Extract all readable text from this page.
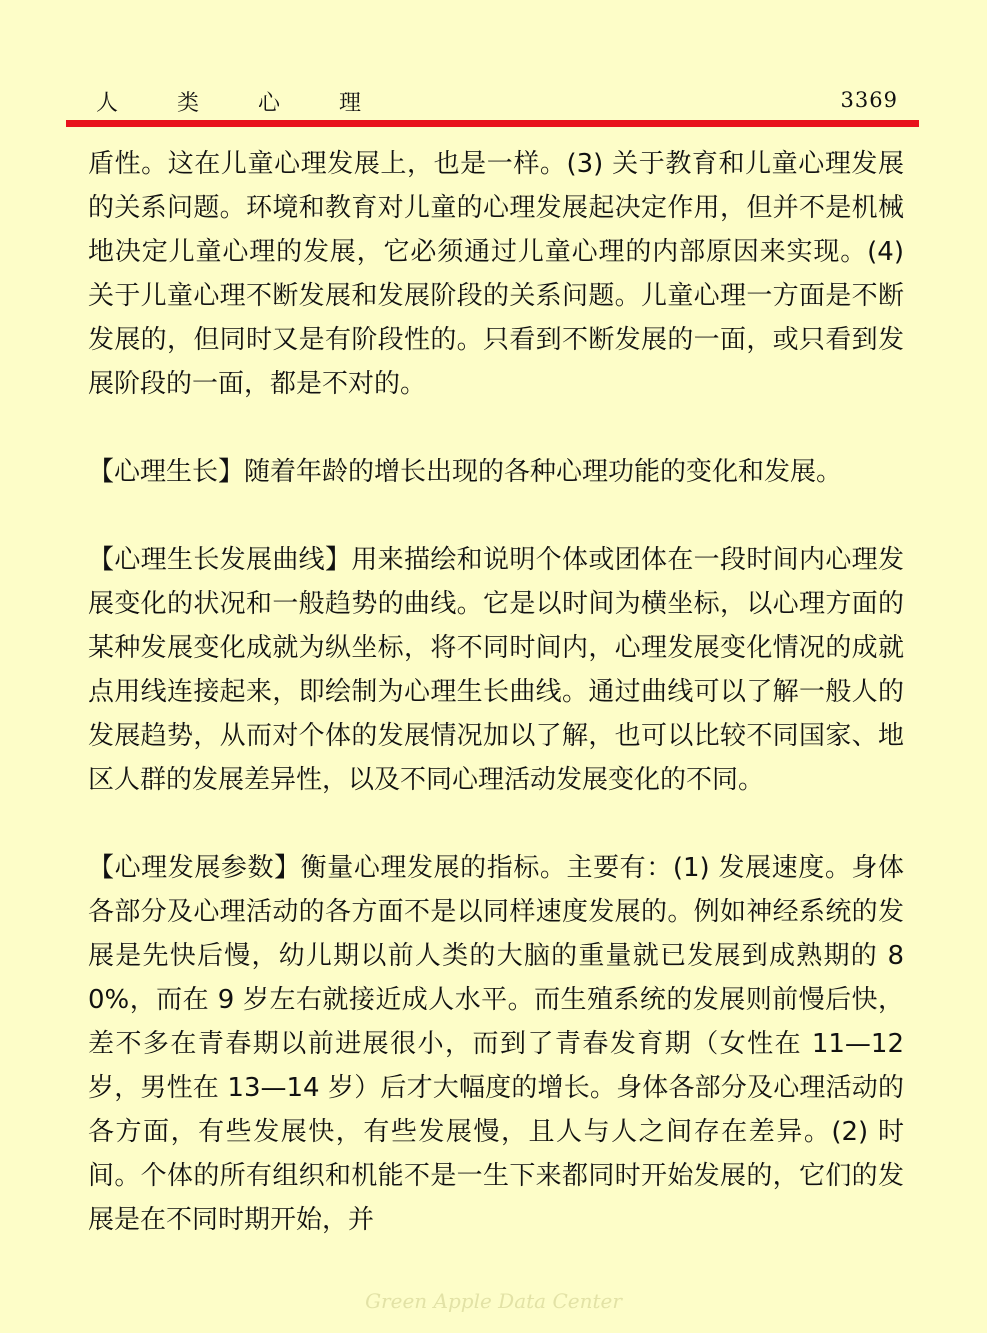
人 类 心 理	3369

盾性。这在儿童心理发展上，也是一样。(3) 关于教育和儿童心理发展的关系问题。环境和教育对儿童的心理发展起决定作用，但并不是机械地决定儿童心理的发展，它必须通过儿童心理的内部原因来实现。(4) 关于儿童心理不断发展和发展阶段的关系问题。儿童心理一方面是不断发展的，但同时又是有阶段性的。只看到不断发展的一面，或只看到发展阶段的一面，都是不对的。

【心理生长】随着年龄的增长出现的各种心理功能的变化和发展。

【心理生长发展曲线】用来描绘和说明个体或团体在一段时间内心理发展变化的状况和一般趋势的曲线。它是以时间为横坐标，以心理方面的某种发展变化成就为纵坐标，将不同时间内，心理发展变化情况的成就点用线连接起来，即绘制为心理生长曲线。通过曲线可以了解一般人的发展趋势，从而对个体的发展情况加以了解，也可以比较不同国家、地区人群的发展差异性，以及不同心理活动发展变化的不同。

【心理发展参数】衡量心理发展的指标。主要有：(1) 发展速度。身体各部分及心理活动的各方面不是以同样速度发展的。例如神经系统的发展是先快后慢，幼儿期以前人类的大脑的重量就已发展到成熟期的 80%，而在 9 岁左右就接近成人水平。而生殖系统的发展则前慢后快，差不多在青春期以前进展很小，而到了青春发育期（女性在 11—12 岁，男性在 13—14 岁）后才大幅度的增长。身体各部分及心理活动的各方面，有些发展快，有些发展慢，且人与人之间存在差异。(2) 时间。个体的所有组织和机能不是一生下来都同时开始发展的，它们的发展是在不同时期开始，并

Green Apple Data Center
